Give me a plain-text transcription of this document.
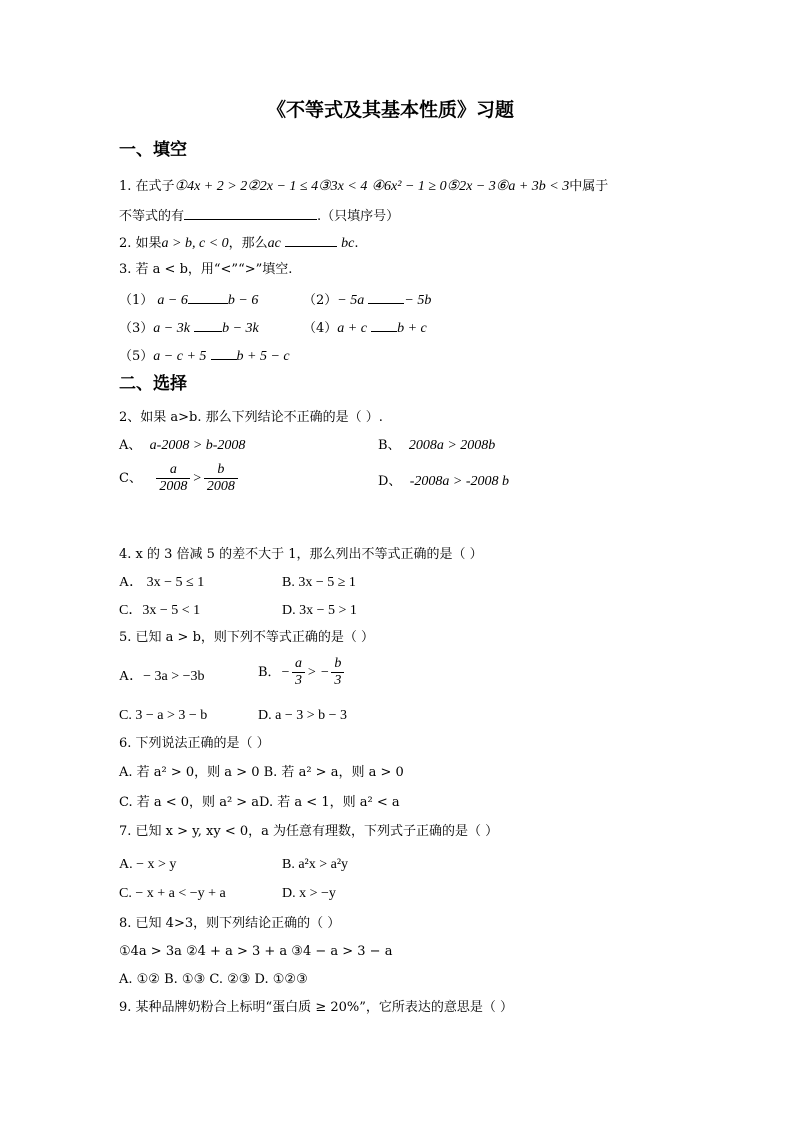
《不等式及其基本性质》习题
一、填空
1. 在式子①4x + 2 > 2②2x − 1 ≤ 4③3x < 4 ④6x² − 1 ≥ 0⑤2x − 3⑥a + 3b < 3中属于
不等式的有	.（只填序号）
2. 如果a > b, c < 0，那么ac	bc.
3. 若 a < b，用“<”“>”填空.
（1） a − 6	b − 6	（2）− 5a	− 5b
（3）a − 3k b − 3k	（4）a + c b + c
（5）a − c + 5 b + 5 − c
二、选择
2、如果 a>b. 那么下列结论不正确的是（ ）.
A、 a-2008 > b-2008	B、 2008a > 2008b
C、 $\frac{a}{2008} > \frac{b}{2008}$	D、 -2008a > -2008 b
4. x 的 3 倍减 5 的差不大于 1，那么列出不等式正确的是（ ）
A． 3x − 5 ≤ 1	B. 3x − 5 ≥ 1
C．3x − 5 < 1	D. 3x − 5 > 1
5. 已知 a > b，则下列不等式正确的是（ ）
A．− 3a > −3b	B．− $\frac{a}{3}$ > − $\frac{b}{3}$
C. 3 − a > 3 − b	D. a − 3 > b − 3
6. 下列说法正确的是（ ）
A. 若 a² > 0，则 a > 0 B. 若 a² > a，则 a > 0
C. 若 a < 0，则 a² > aD. 若 a < 1，则 a² < a
7. 已知 x > y, xy < 0，a 为任意有理数，下列式子正确的是（ ）
A. − x > y	B. a²x > a²y
C. − x + a < −y + a	D. x > −y
8. 已知 4>3，则下列结论正确的（ ）
①4a > 3a ②4 + a > 3 + a ③4 − a > 3 − a
A. ①② B. ①③ C. ②③ D. ①②③
9. 某种品牌奶粉合上标明“蛋白质 ≥ 20%”，它所表达的意思是（ ）
